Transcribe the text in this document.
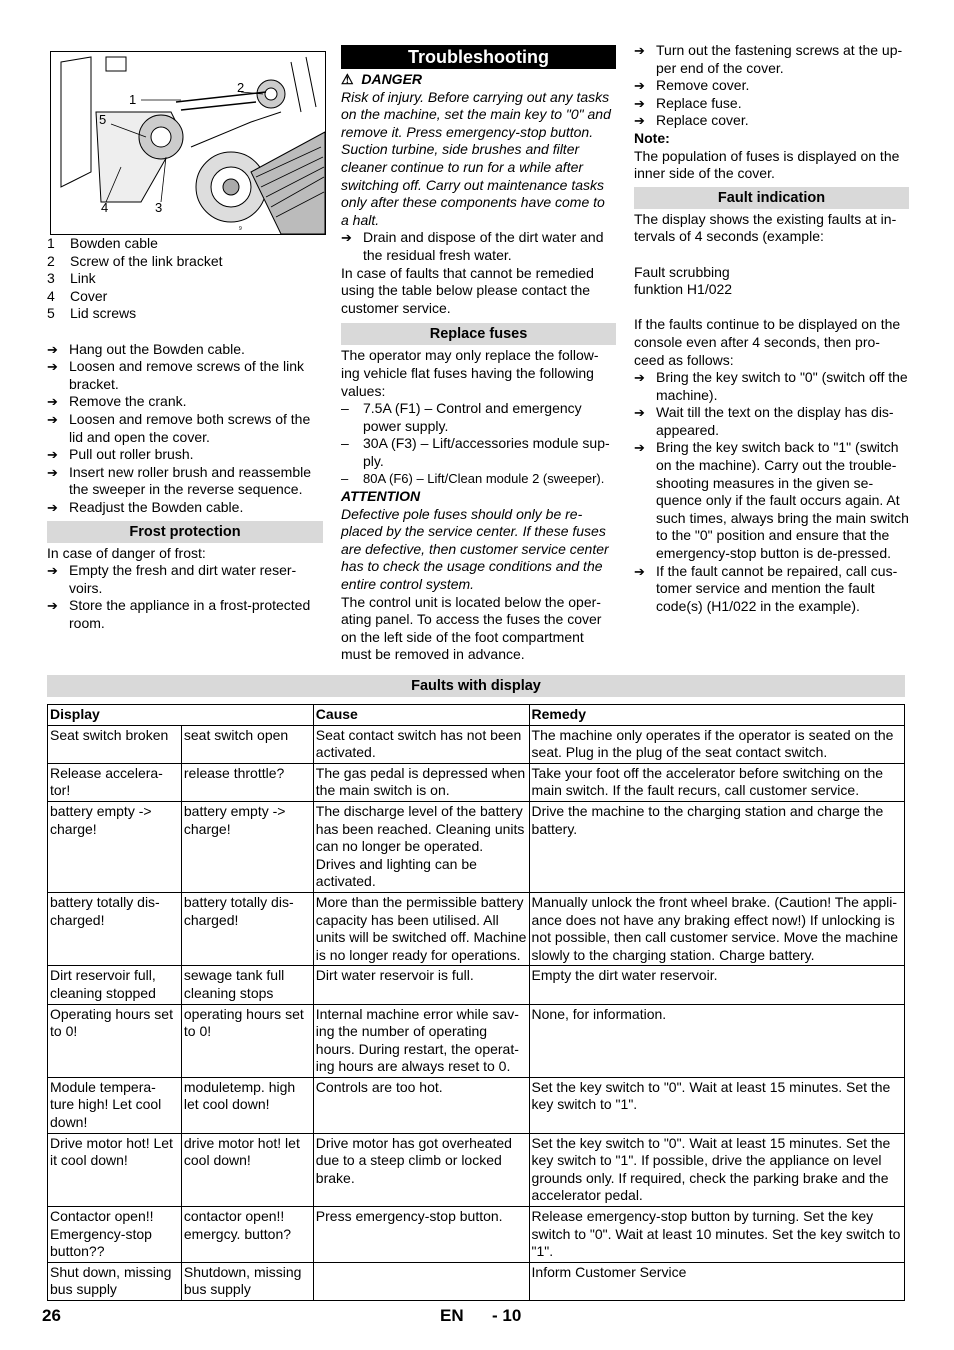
1
2
5
4	3
9
1	Bowden cable
2	Screw of the link bracket
3	Link
4	Cover
5	Lid screws
➔ Hang out the Bowden cable.
➔ Loosen and remove screws of the link bracket.
➔ Remove the crank.
➔ Loosen and remove both screws of the lid and open the cover.
➔ Pull out roller brush.
➔ Insert new roller brush and reassemble the sweeper in the reverse sequence.
➔ Readjust the Bowden cable.
Frost protection
In case of danger of frost:
➔ Empty the fresh and dirt water reser-voirs.
➔ Store the appliance in a frost-protected room.
Troubleshooting
⚠ DANGER
Risk of injury. Before carrying out any tasks on the machine, set the main key to "0" and remove it. Press emergency-stop button. Suction turbine, side brushes and filter cleaner continue to run for a while after switching off. Carry out maintenance tasks only after these components have come to a halt.
➔ Drain and dispose of the dirt water and the residual fresh water.
In case of faults that cannot be remedied using the table below please contact the customer service.
Replace fuses
The operator may only replace the follow-ing vehicle flat fuses having the following values:
–	7.5A (F1) – Control and emergency power supply.
–	30A (F3) – Lift/accessories module sup-ply.
–	80A (F6) – Lift/Clean module 2 (sweeper).
ATTENTION
Defective pole fuses should only be re-placed by the service center. If these fuses are defective, then customer service center has to check the usage conditions and the entire control system.
The control unit is located below the oper-ating panel. To access the fuses the cover on the left side of the foot compartment must be removed in advance.
➔ Turn out the fastening screws at the up-per end of the cover.
➔ Remove cover.
➔ Replace fuse.
➔ Replace cover.
Note:
The population of fuses is displayed on the inner side of the cover.
Fault indication
The display shows the existing faults at in-tervals of 4 seconds (example:
Fault scrubbing
funktion H1/022
If the faults continue to be displayed on the console even after 4 seconds, then pro-ceed as follows:
➔ Bring the key switch to "0" (switch off the machine).
➔ Wait till the text on the display has dis-appeared.
➔ Bring the key switch back to "1" (switch on the machine). Carry out the trouble-shooting measures in the given se-quence only if the fault occurs again. At such times, always bring the main switch to the "0" position and ensure that the emergency-stop button is de-pressed.
➔ If the fault cannot be repaired, call cus-tomer service and mention the fault code(s) (H1/022 in the example).
Faults with display
Display		Cause	Remedy
Seat switch broken	seat switch open	Seat contact switch has not been activated.	The machine only operates if the operator is seated on the seat. Plug in the plug of the seat contact switch.
Release accelera-tor!	release throttle?	The gas pedal is depressed when the main switch is on.	Take your foot off the accelerator before switching on the main switch. If the fault recurs, call customer service.
battery empty -> charge!	battery empty -> charge!	The discharge level of the battery has been reached. Cleaning units can no longer be operated. Drives and lighting can be activated.	Drive the machine to the charging station and charge the battery.
battery totally dis-charged!	battery totally dis-charged!	More than the permissible battery capacity has been utilised. All units will be switched off. Machine is no longer ready for operations.	Manually unlock the front wheel brake. (Caution! The appli-ance does not have any braking effect now!) If unlocking is not possible, then call customer service. Move the machine slowly to the charging station. Charge battery.
Dirt reservoir full, cleaning stopped	sewage tank full cleaning stops	Dirt water reservoir is full.	Empty the dirt water reservoir.
Operating hours set to 0!	operating hours set to 0!	Internal machine error while sav-ing the number of operating hours. During restart, the operat-ing hours are always reset to 0.	None, for information.
Module tempera-ture high! Let cool down!	moduletemp. high let cool down!	Controls are too hot.	Set the key switch to "0". Wait at least 15 minutes. Set the key switch to "1".
Drive motor hot! Let it cool down!	drive motor hot! let cool down!	Drive motor has got overheated due to a steep climb or locked brake.	Set the key switch to "0". Wait at least 15 minutes. Set the key switch to "1". If possible, drive the appliance on level grounds only. If required, check the parking brake and the accelerator pedal.
Contactor open!! Emergency-stop button??	contactor open!! emergcy. button?	Press emergency-stop button.	Release emergency-stop button by turning. Set the key switch to "0". Wait at least 10 minutes. Set the key switch to "1".
Shut down, missing bus supply	Shutdown, missing bus supply		Inform Customer Service
26	EN - 10
